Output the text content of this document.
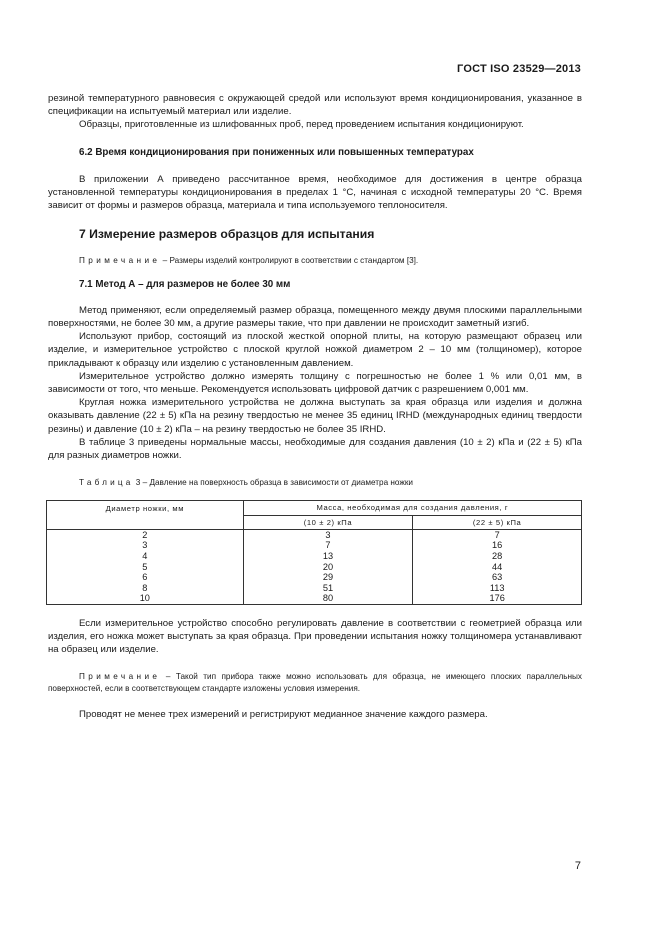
ГОСТ ISO 23529—2013

резиной температурного равновесия с окружающей средой или используют время кондиционирования, указанное в спецификации на испытуемый материал или изделие.

Образцы, приготовленные из шлифованных проб, перед проведением испытания кондиционируют.

6.2 Время кондиционирования при пониженных или повышенных температурах

В приложении А приведено рассчитанное время, необходимое для достижения в центре образца установленной температуры кондиционирования в пределах 1 °С, начиная с исходной температуры 20 °С. Время зависит от формы и размеров образца, материала и типа используемого теплоносителя.

7 Измерение размеров образцов для испытания

Примечание – Размеры изделий контролируют в соответствии с стандартом [3].

7.1 Метод А – для размеров не более 30 мм

Метод применяют, если определяемый размер образца, помещенного между двумя плоскими параллельными поверхностями, не более 30 мм, а другие размеры такие, что при давлении не происходит заметный изгиб.

Используют прибор, состоящий из плоской жесткой опорной плиты, на которую размещают образец или изделие, и измерительное устройство с плоской круглой ножкой диаметром 2 – 10 мм (толщиномер), которое прикладывают к образцу или изделию с установленным давлением.

Измерительное устройство должно измерять толщину с погрешностью не более 1 % или 0,01 мм, в зависимости от того, что меньше. Рекомендуется использовать цифровой датчик с разрешением 0,001 мм.

Круглая ножка измерительного устройства не должна выступать за края образца или изделия и должна оказывать давление (22 ± 5) кПа на резину твердостью не менее 35 единиц IRHD (международных единиц твердости резины) и давление (10 ± 2) кПа – на резину твердостью не более 35 IRHD.

В таблице 3 приведены нормальные массы, необходимые для создания давления (10 ± 2) кПа и (22 ± 5) кПа для разных диаметров ножки.

Таблица 3 – Давление на поверхность образца в зависимости от диаметра ножки

Диаметр ножки, мм	Масса, необходимая для создания давления, г	
	(10 ± 2) кПа	(22 ± 5) кПа
2	3	7
3	7	16
4	13	28
5	20	44
6	29	63
8	51	113
10	80	176

Если измерительное устройство способно регулировать давление в соответствии с геометрией образца или изделия, его ножка может выступать за края образца. При проведении испытания ножку толщиномера устанавливают на образец или изделие.

Примечание – Такой тип прибора также можно использовать для образца, не имеющего плоских параллельных поверхностей, если в соответствующем стандарте изложены условия измерения.

Проводят не менее трех измерений и регистрируют медианное значение каждого размера.

7
